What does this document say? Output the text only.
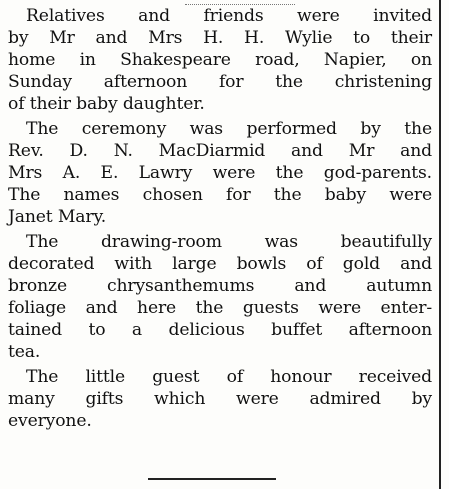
Relatives and friends were invited
by Mr and Mrs H. H. Wylie to their
home in Shakespeare road, Napier, on
Sunday afternoon for the christening
of their baby daughter.
The ceremony was performed by the
Rev. D. N. MacDiarmid and Mr and
Mrs A. E. Lawry were the god-parents.
The names chosen for the baby were
Janet Mary.
The drawing-room was beautifully
decorated with large bowls of gold and
bronze chrysanthemums and autumn
foliage and here the guests were enter-
tained to a delicious buffet afternoon
tea.
The little guest of honour received
many gifts which were admired by
everyone.
